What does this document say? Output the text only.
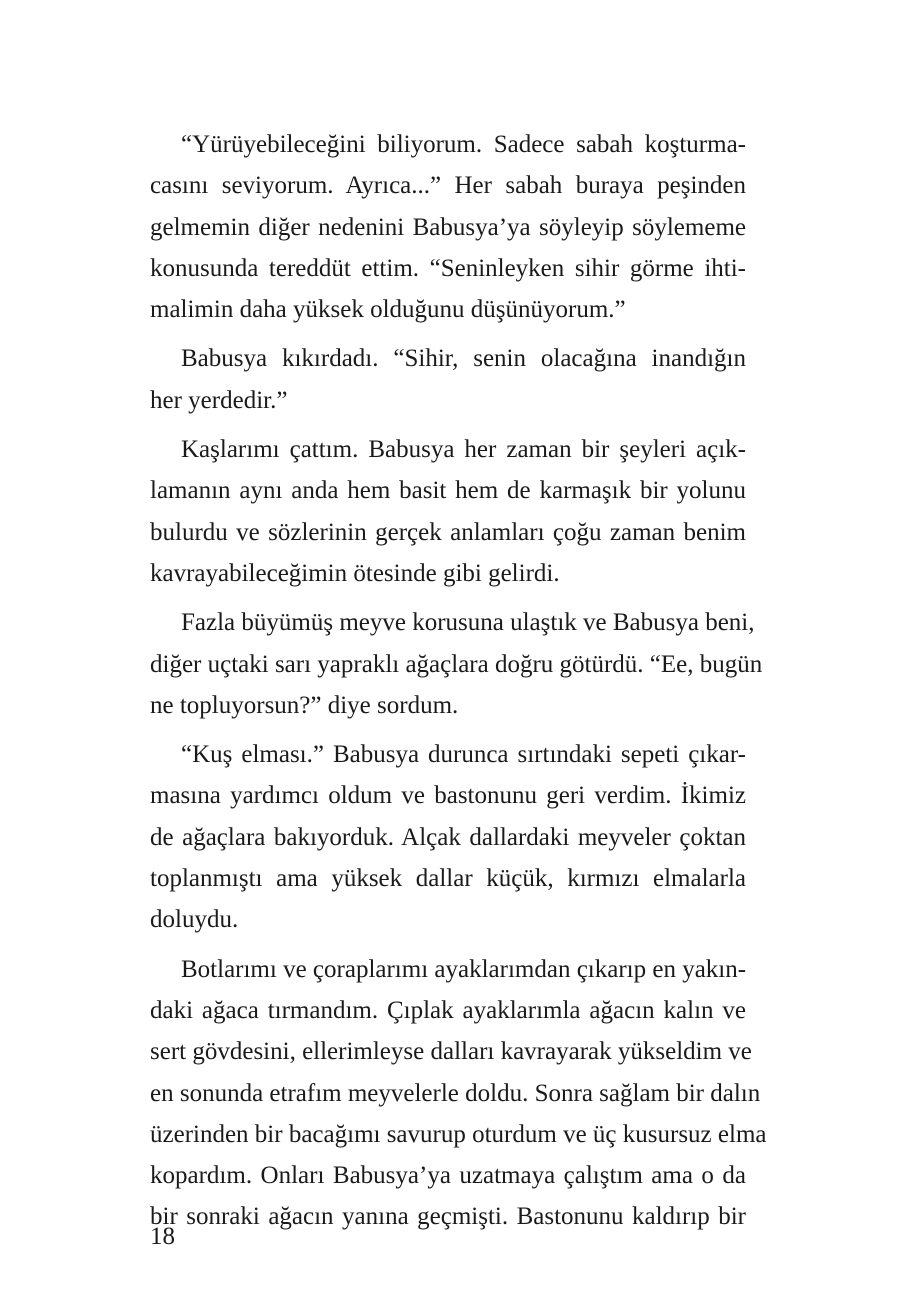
“Yürüyebileceğini biliyorum. Sadece sabah koşturma-
casını seviyorum. Ayrıca...” Her sabah buraya peşinden
gelmemin diğer nedenini Babusya’ya söyleyip söylememe
konusunda tereddüt ettim. “Seninleyken sihir görme ihti-
malimin daha yüksek olduğunu düşünüyorum.”
Babusya kıkırdadı. “Sihir, senin olacağına inandığın
her yerdedir.”
Kaşlarımı çattım. Babusya her zaman bir şeyleri açık-
lamanın aynı anda hem basit hem de karmaşık bir yolunu
bulurdu ve sözlerinin gerçek anlamları çoğu zaman benim
kavrayabileceğimin ötesinde gibi gelirdi.
Fazla büyümüş meyve korusuna ulaştık ve Babusya beni,
diğer uçtaki sarı yapraklı ağaçlara doğru götürdü. “Ee, bugün
ne topluyorsun?” diye sordum.
“Kuş elması.” Babusya durunca sırtındaki sepeti çıkar-
masına yardımcı oldum ve bastonunu geri verdim. İkimiz
de ağaçlara bakıyorduk. Alçak dallardaki meyveler çoktan
toplanmıştı ama yüksek dallar küçük, kırmızı elmalarla
doluydu.
Botlarımı ve çoraplarımı ayaklarımdan çıkarıp en yakın-
daki ağaca tırmandım. Çıplak ayaklarımla ağacın kalın ve
sert gövdesini, ellerimleyse dalları kavrayarak yükseldim ve
en sonunda etrafım meyvelerle doldu. Sonra sağlam bir dalın
üzerinden bir bacağımı savurup oturdum ve üç kusursuz elma
kopardım. Onları Babusya’ya uzatmaya çalıştım ama o da
bir sonraki ağacın yanına geçmişti. Bastonunu kaldırıp bir
18
